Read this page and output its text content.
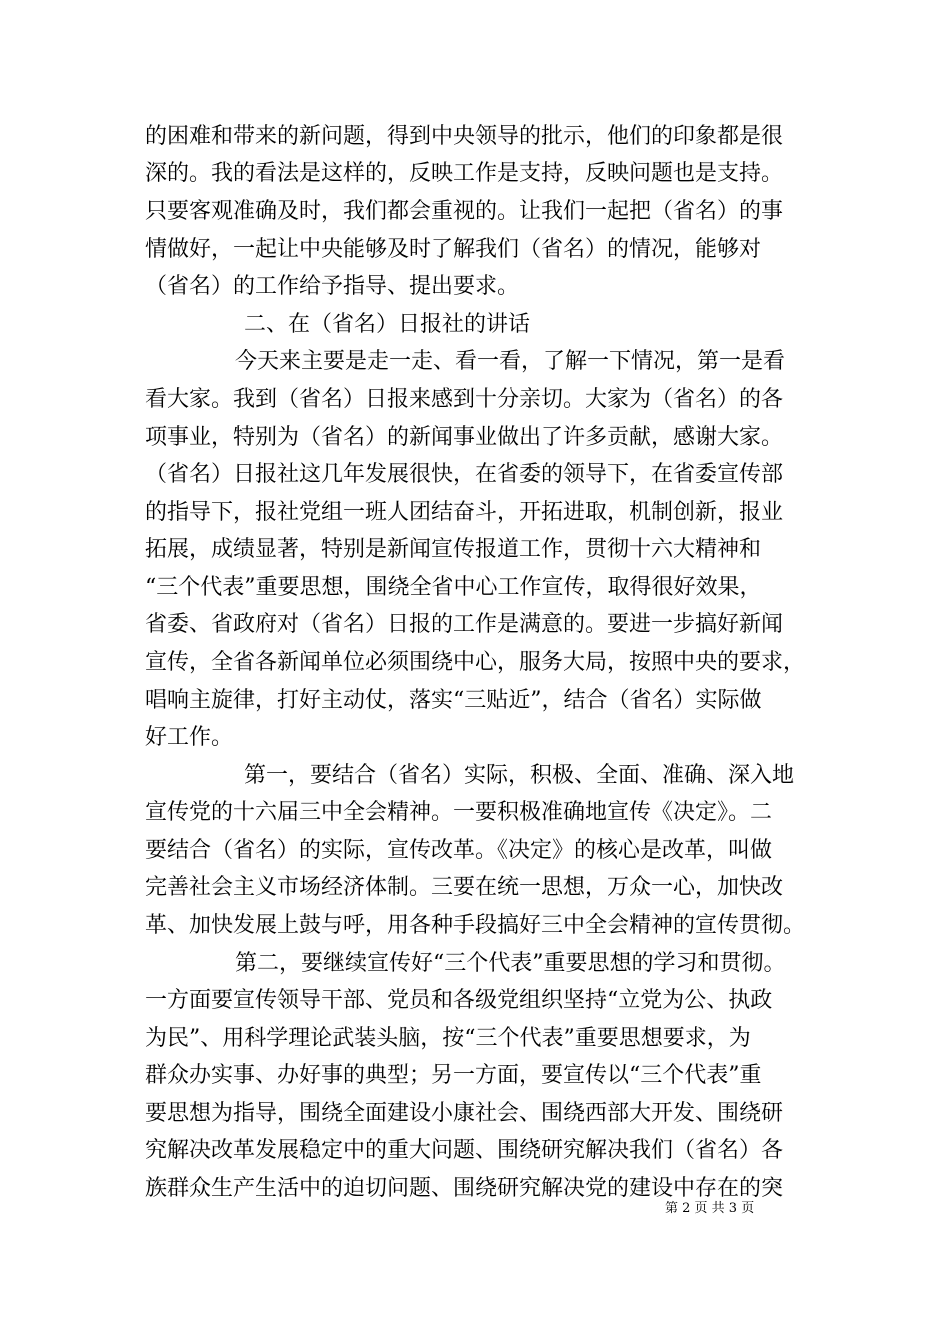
的困难和带来的新问题，得到中央领导的批示，他们的印象都是很
深的。我的看法是这样的，反映工作是支持，反映问题也是支持。
只要客观准确及时，我们都会重视的。让我们一起把（省名）的事
情做好，一起让中央能够及时了解我们（省名）的情况，能够对
（省名）的工作给予指导、提出要求。
二、在（省名）日报社的讲话
今天来主要是走一走、看一看，了解一下情况，第一是看
看大家。我到（省名）日报来感到十分亲切。大家为（省名）的各
项事业，特别为（省名）的新闻事业做出了许多贡献，感谢大家。
（省名）日报社这几年发展很快，在省委的领导下，在省委宣传部
的指导下，报社党组一班人团结奋斗，开拓进取，机制创新，报业
拓展，成绩显著，特别是新闻宣传报道工作，贯彻十六大精神和
“三个代表”重要思想，围绕全省中心工作宣传，取得很好效果，
省委、省政府对（省名）日报的工作是满意的。要进一步搞好新闻
宣传，全省各新闻单位必须围绕中心，服务大局，按照中央的要求，
唱响主旋律，打好主动仗，落实“三贴近”，结合（省名）实际做
好工作。
第一，要结合（省名）实际，积极、全面、准确、深入地
宣传党的十六届三中全会精神。一要积极准确地宣传《决定》。二
要结合（省名）的实际，宣传改革。《决定》的核心是改革，叫做
完善社会主义市场经济体制。三要在统一思想，万众一心，加快改
革、加快发展上鼓与呼，用各种手段搞好三中全会精神的宣传贯彻。
第二，要继续宣传好“三个代表”重要思想的学习和贯彻。
一方面要宣传领导干部、党员和各级党组织坚持“立党为公、执政
为民”、用科学理论武装头脑，按“三个代表”重要思想要求，为
群众办实事、办好事的典型；另一方面，要宣传以“三个代表”重
要思想为指导，围绕全面建设小康社会、围绕西部大开发、围绕研
究解决改革发展稳定中的重大问题、围绕研究解决我们（省名）各
族群众生产生活中的迫切问题、围绕研究解决党的建设中存在的突
第 2 页 共 3 页
